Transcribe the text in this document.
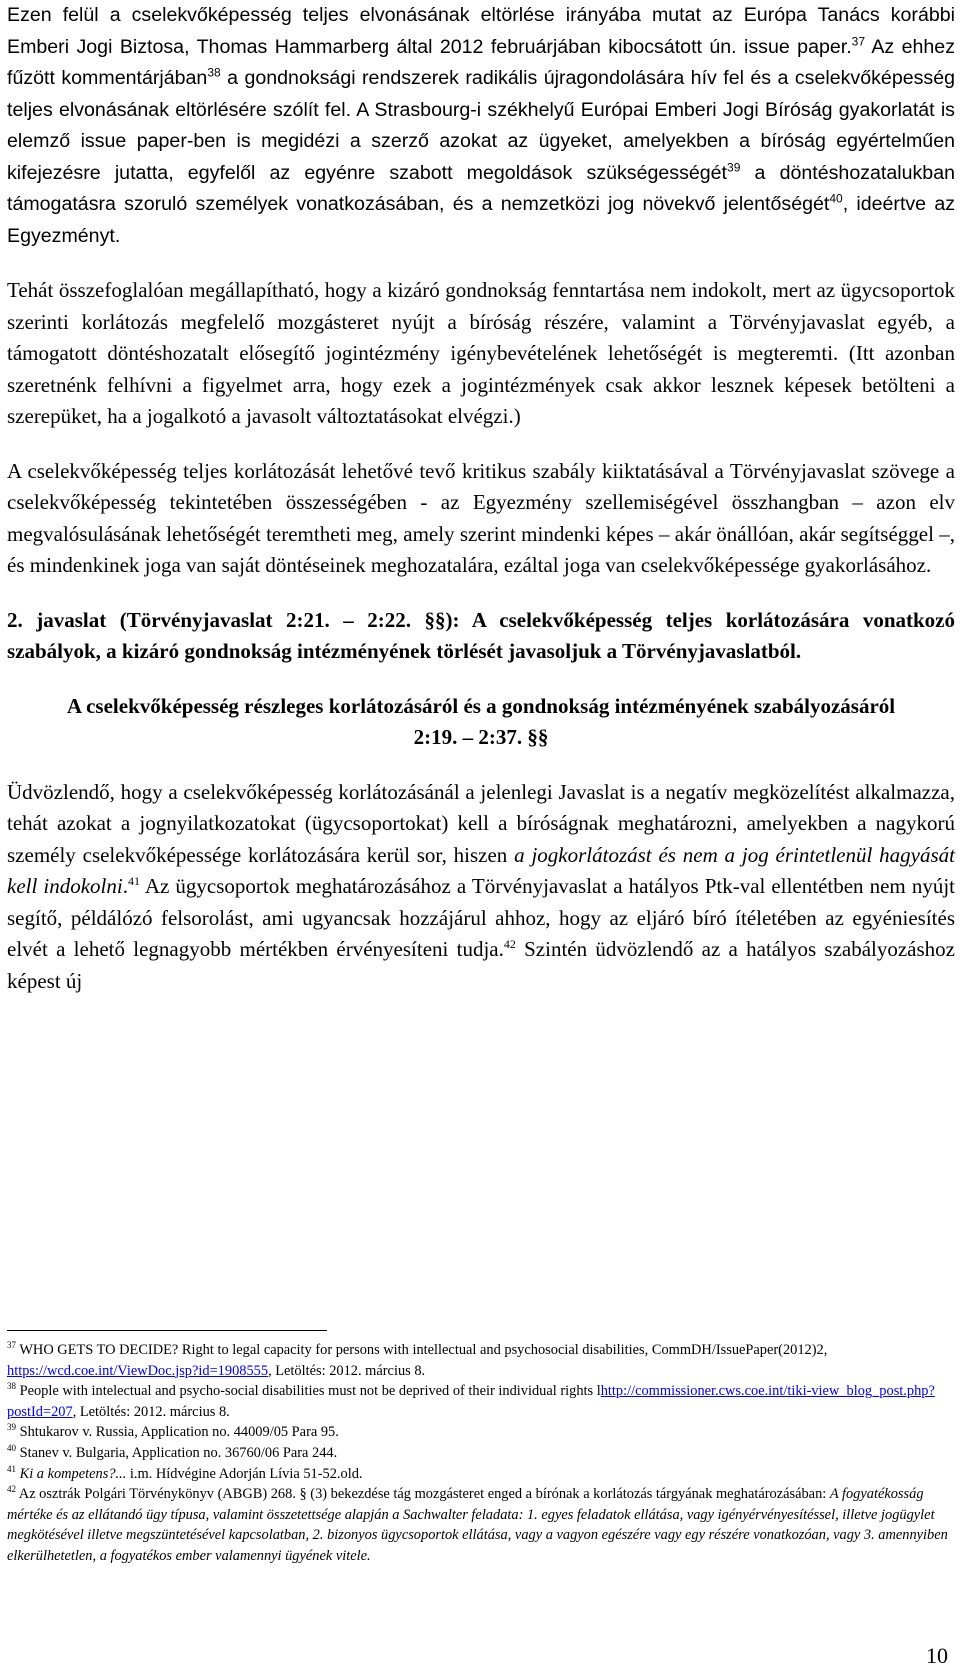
Ezen felül a cselekvőképesség teljes elvonásának eltörlése irányába mutat az Európa Tanács korábbi Emberi Jogi Biztosa, Thomas Hammarberg által 2012 februárjában kibocsátott ún. issue paper.$^{37}$ Az ehhez fűzött kommentárjában$^{38}$ a gondnoksági rendszerek radikális újragondolására hív fel és a cselekvőképesség teljes elvonásának eltörlésére szólít fel. A Strasbourg-i székhelyű Európai Emberi Jogi Bíróság gyakorlatát is elemző issue paper-ben is megidézi a szerző azokat az ügyeket, amelyekben a bíróság egyértelműen kifejezésre jutatta, egyfelől az egyénre szabott megoldások szükségességét$^{39}$ a döntéshozatalukban támogatásra szoruló személyek vonatkozásában, és a nemzetközi jog növekvő jelentőségét$^{40}$, ideértve az Egyezményt.

Tehát összefoglalóan megállapítható, hogy a kizáró gondnokság fenntartása nem indokolt, mert az ügycsoportok szerinti korlátozás megfelelő mozgásteret nyújt a bíróság részére, valamint a Törvényjavaslat egyéb, a támogatott döntéshozatalt elősegítő jogintézmény igénybevételének lehetőségét is megteremti. (Itt azonban szeretnénk felhívni a figyelmet arra, hogy ezek a jogintézmények csak akkor lesznek képesek betölteni a szerepüket, ha a jogalkotó a javasolt változtatásokat elvégzi.)

A cselekvőképesség teljes korlátozását lehetővé tevő kritikus szabály kiiktatásával a Törvényjavaslat szövege a cselekvőképesség tekintetében összességében - az Egyezmény szellemiségével összhangban – azon elv megvalósulásának lehetőségét teremtheti meg, amely szerint mindenki képes – akár önállóan, akár segítséggel –, és mindenkinek joga van saját döntéseinek meghozatalára, ezáltal joga van cselekvőképessége gyakorlásához.

2. javaslat (Törvényjavaslat 2:21. – 2:22. §§): A cselekvőképesség teljes korlátozására vonatkozó szabályok, a kizáró gondnokság intézményének törlését javasoljuk a Törvényjavaslatból.

A cselekvőképesség részleges korlátozásáról és a gondnokság intézményének szabályozásáról
2:19. – 2:37. §§

Üdvözlendő, hogy a cselekvőképesség korlátozásánál a jelenlegi Javaslat is a negatív megközelítést alkalmazza, tehát azokat a jognyilatkozatokat (ügycsoportokat) kell a bíróságnak meghatározni, amelyekben a nagykorú személy cselekvőképessége korlátozására kerül sor, hiszen a jogkorlátozást és nem a jog érintetlenül hagyását kell indokolni.$^{41}$ Az ügycsoportok meghatározásához a Törvényjavaslat a hatályos Ptk-val ellentétben nem nyújt segítő, példálózó felsorolást, ami ugyancsak hozzájárul ahhoz, hogy az eljáró bíró ítéletében az egyéniesítés elvét a lehető legnagyobb mértékben érvényesíteni tudja.$^{42}$ Szintén üdvözlendő az a hatályos szabályozáshoz képest új

$^{37}$ WHO GETS TO DECIDE? Right to legal capacity for persons with intellectual and psychosocial disabilities, CommDH/IssuePaper(2012)2, https://wcd.coe.int/ViewDoc.jsp?id=1908555, Letöltés: 2012. március 8.

$^{38}$ People with intelectual and psycho-social disabilities must not be deprived of their individual rights lhttp://commissioner.cws.coe.int/tiki-view_blog_post.php?postId=207, Letöltés: 2012. március 8.

$^{39}$ Shtukarov v. Russia, Application no. 44009/05 Para 95.

$^{40}$ Stanev v. Bulgaria, Application no. 36760/06 Para 244.

$^{41}$ Ki a kompetens?... i.m. Hídvégine Adorján Lívia 51-52.old.

$^{42}$ Az osztrák Polgári Törvénykönyv (ABGB) 268. § (3) bekezdése tág mozgásteret enged a bírónak a korlátozás tárgyának meghatározásában: A fogyatékosság mértéke és az ellátandó ügy típusa, valamint összetettsége alapján a Sachwalter feladata: 1. egyes feladatok ellátása, vagy igényérvényesítéssel, illetve jogügylet megkötésével illetve megszüntetésével kapcsolatban, 2. bizonyos ügycsoportok ellátása, vagy a vagyon egészére vagy egy részére vonatkozóan, vagy 3. amennyiben elkerülhetetlen, a fogyatékos ember valamennyi ügyének vitele.

10
